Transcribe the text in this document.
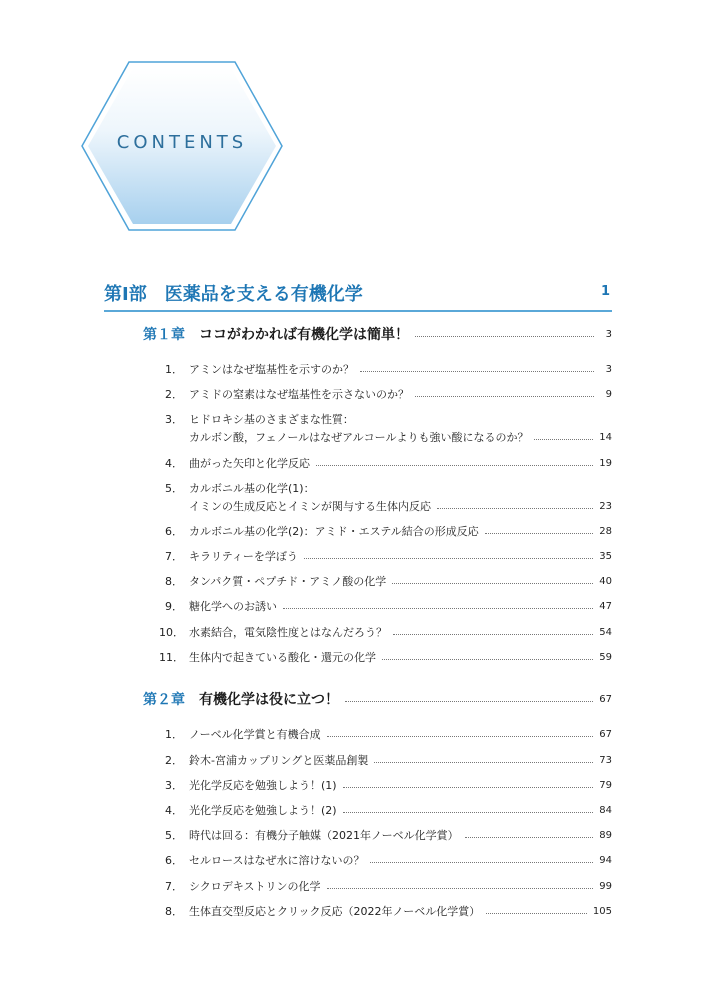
CONTENTS
第Ⅰ部　医薬品を支える有機化学	1
第１章 ココがわかれば有機化学は簡単！	3
1． アミンはなぜ塩基性を示すのか？	3
2． アミドの窒素はなぜ塩基性を示さないのか？	9
3． ヒドロキシ基のさまざまな性質：
カルボン酸，フェノールはなぜアルコールよりも強い酸になるのか？	14
4． 曲がった矢印と化学反応	19
5． カルボニル基の化学(1)：
イミンの生成反応とイミンが関与する生体内反応	23
6． カルボニル基の化学(2)：アミド・エステル結合の形成反応	28
7． キラリティーを学ぼう	35
8． タンパク質・ペプチド・アミノ酸の化学	40
9． 糖化学へのお誘い	47
10． 水素結合，電気陰性度とはなんだろう？	54
11． 生体内で起きている酸化・還元の化学	59
第２章 有機化学は役に立つ！	67
1． ノーベル化学賞と有機合成	67
2． 鈴木-宮浦カップリングと医薬品創製	73
3． 光化学反応を勉強しよう！(1)	79
4． 光化学反応を勉強しよう！(2)	84
5． 時代は回る：有機分子触媒（2021年ノーベル化学賞）	89
6． セルロースはなぜ水に溶けないの？	94
7． シクロデキストリンの化学	99
8． 生体直交型反応とクリック反応（2022年ノーベル化学賞）	105
